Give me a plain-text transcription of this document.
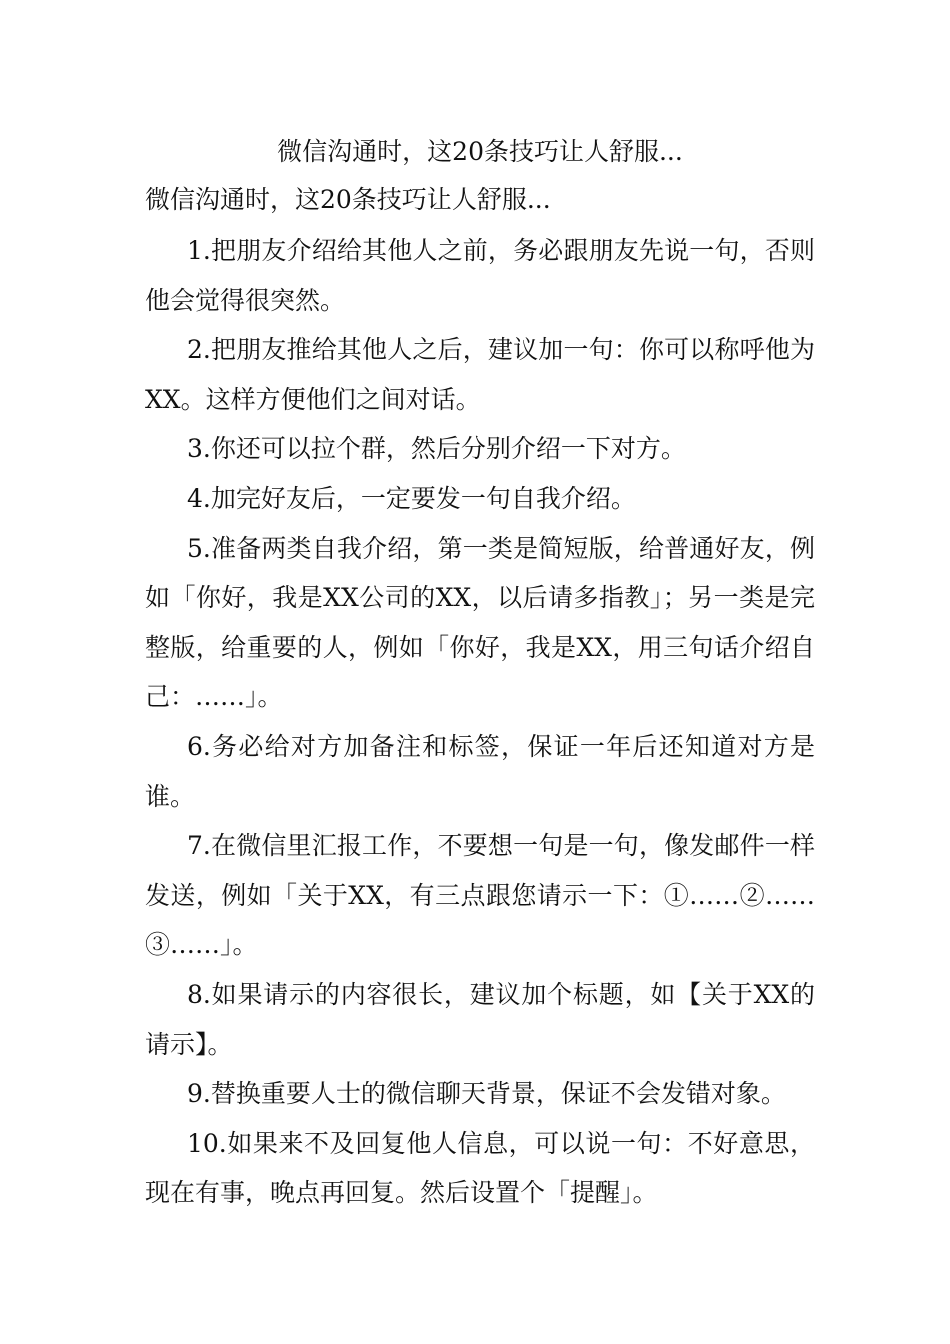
微信沟通时，这20条技巧让人舒服...

微信沟通时，这20条技巧让人舒服...

1.把朋友介绍给其他人之前，务必跟朋友先说一句，否则他会觉得很突然。

2.把朋友推给其他人之后，建议加一句：你可以称呼他为XX。这样方便他们之间对话。

3.你还可以拉个群，然后分别介绍一下对方。

4.加完好友后，一定要发一句自我介绍。

5.准备两类自我介绍，第一类是简短版，给普通好友，例如「你好，我是XX公司的XX，以后请多指教」；另一类是完整版，给重要的人，例如「你好，我是XX，用三句话介绍自己：……」。

6.务必给对方加备注和标签，保证一年后还知道对方是谁。

7.在微信里汇报工作，不要想一句是一句，像发邮件一样发送，例如「关于XX，有三点跟您请示一下：①……②……③……」。

8.如果请示的内容很长，建议加个标题，如【关于XX的请示】。

9.替换重要人士的微信聊天背景，保证不会发错对象。

10.如果来不及回复他人信息，可以说一句：不好意思，现在有事，晚点再回复。然后设置个「提醒」。
